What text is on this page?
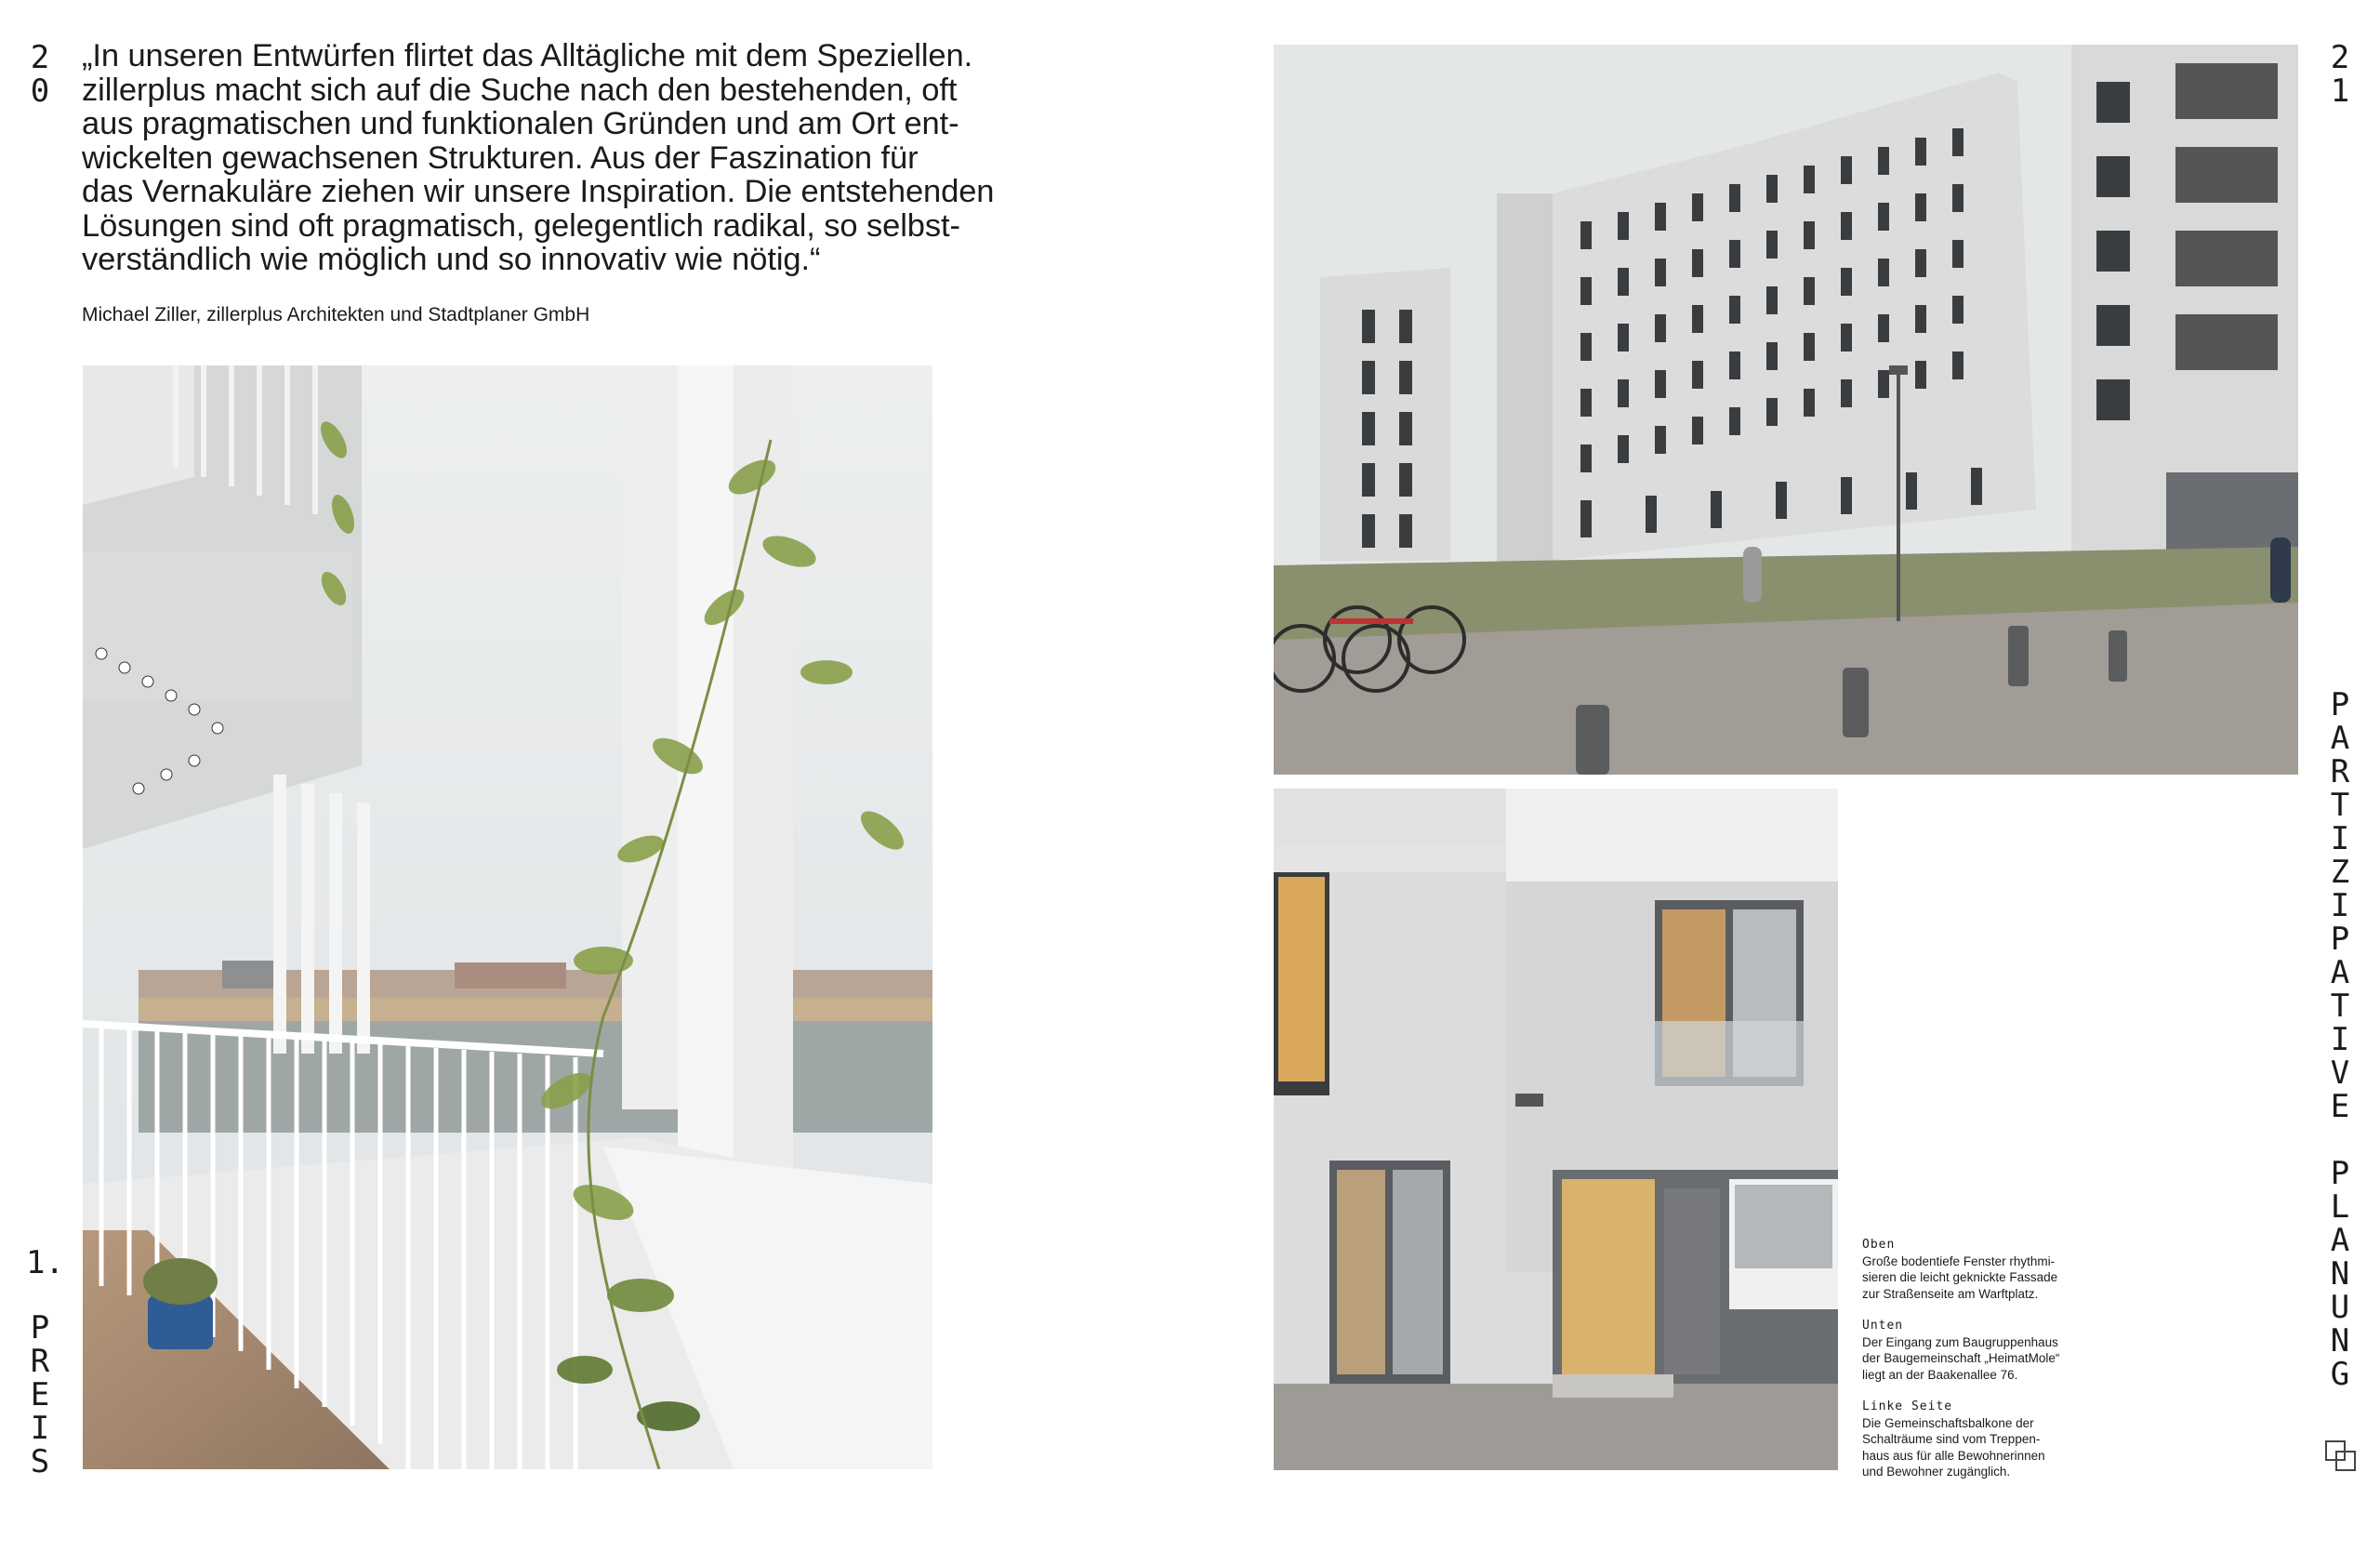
2
0
2
1

„In unseren Entwürfen flirtet das Alltägliche mit dem Speziellen.

zillerplus macht sich auf die Suche nach den bestehenden, oft

aus pragmatischen und funktionalen Gründen und am Ort ent-

wickelten gewachsenen Strukturen. Aus der Faszination für

das Vernakuläre ziehen wir unsere Inspiration. Die entstehenden

Lösungen sind oft pragmatisch, gelegentlich radikal, so selbst-

verständlich wie möglich und so innovativ wie nötig.“

Michael Ziller, zillerplus Architekten und Stadtplaner GmbH
1.
P
R
E
I
S
P
A
R
T
I
Z
I
P
A
T
I
V
E

P
L
A
N
U
N
G
Oben
Große bodentiefe Fenster rhythmi-
sieren die leicht geknickte Fassade
zur Straßenseite am Warftplatz.
Unten
Der Eingang zum Baugruppenhaus
der Baugemeinschaft „HeimatMole“
liegt an der Baakenallee 76.
Linke Seite
Die Gemeinschaftsbalkone der
Schalträume sind vom Treppen-
haus aus für alle Bewohnerinnen
und Bewohner zugänglich.
